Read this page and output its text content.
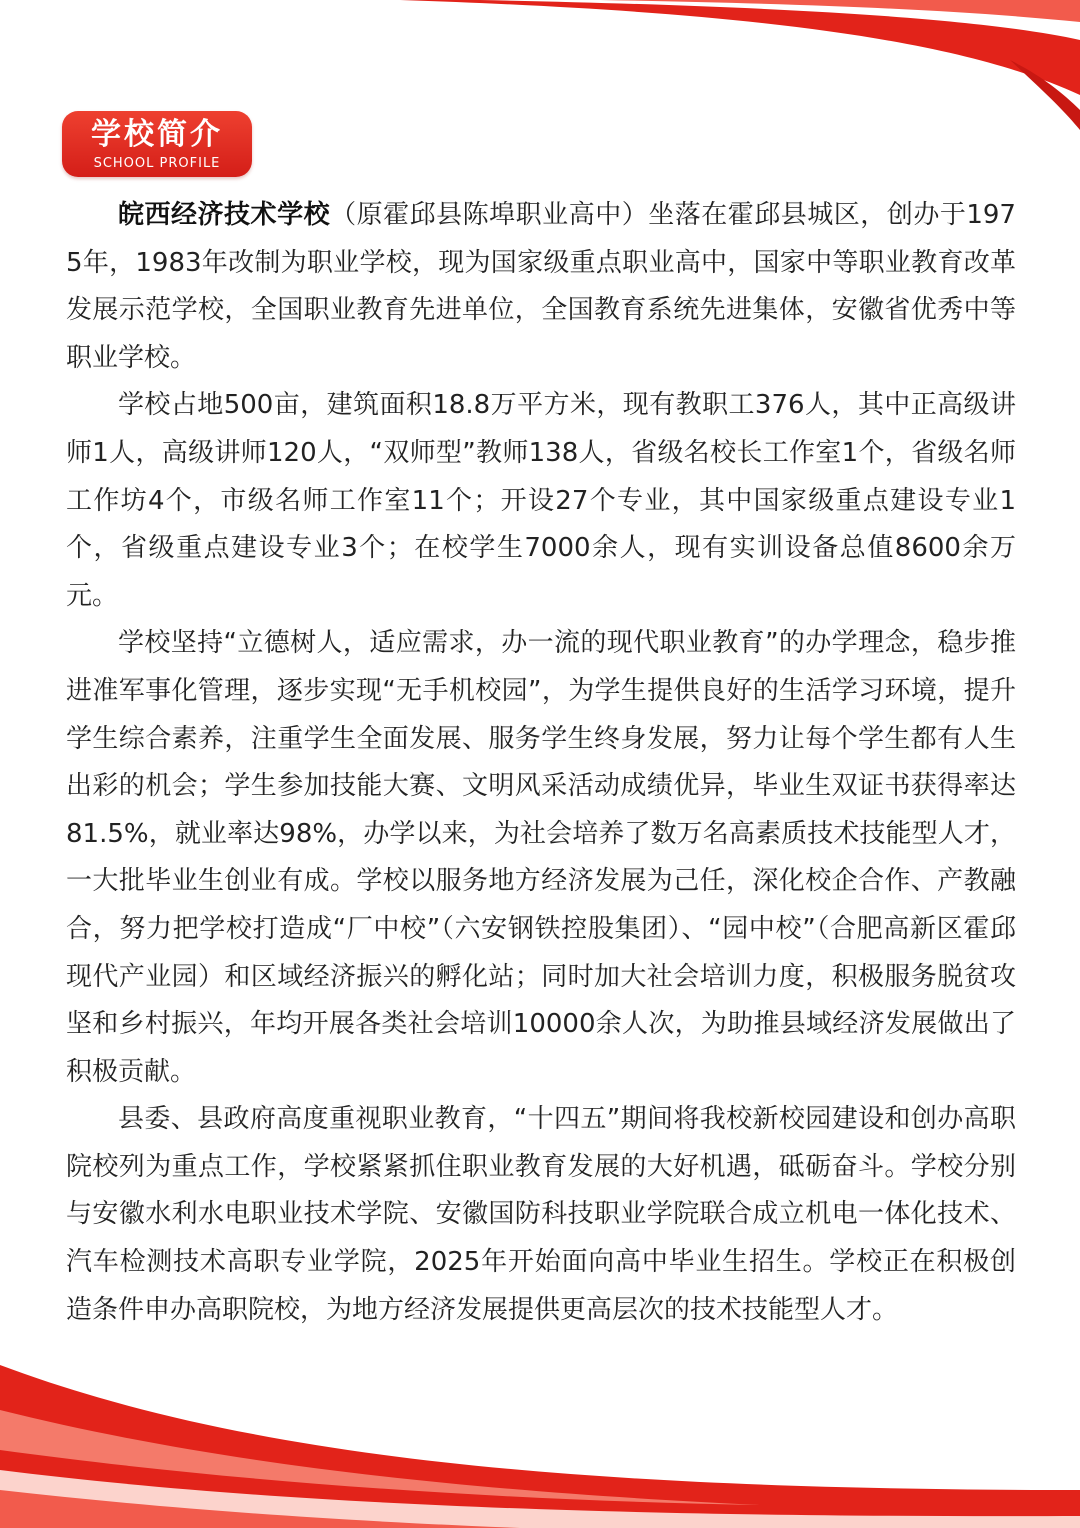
学校简介
SCHOOL PROFILE

皖西经济技术学校（原霍邱县陈埠职业高中）坐落在霍邱县城区，创办于1975年，1983年改制为职业学校，现为国家级重点职业高中，国家中等职业教育改革发展示范学校，全国职业教育先进单位，全国教育系统先进集体，安徽省优秀中等职业学校。

学校占地500亩，建筑面积18.8万平方米，现有教职工376人，其中正高级讲师1人，高级讲师120人，“双师型”教师138人，省级名校长工作室1个，省级名师工作坊4个，市级名师工作室11个；开设27个专业，其中国家级重点建设专业1个，省级重点建设专业3个；在校学生7000余人，现有实训设备总值8600余万元。

学校坚持“立德树人，适应需求，办一流的现代职业教育”的办学理念，稳步推进准军事化管理，逐步实现“无手机校园”，为学生提供良好的生活学习环境，提升学生综合素养，注重学生全面发展、服务学生终身发展，努力让每个学生都有人生出彩的机会；学生参加技能大赛、文明风采活动成绩优异，毕业生双证书获得率达81.5%，就业率达98%，办学以来，为社会培养了数万名高素质技术技能型人才，一大批毕业生创业有成。学校以服务地方经济发展为己任，深化校企合作、产教融合，努力把学校打造成“厂中校”（六安钢铁控股集团）、“园中校”（合肥高新区霍邱现代产业园）和区域经济振兴的孵化站；同时加大社会培训力度，积极服务脱贫攻坚和乡村振兴，年均开展各类社会培训10000余人次，为助推县域经济发展做出了积极贡献。

县委、县政府高度重视职业教育，“十四五”期间将我校新校园建设和创办高职院校列为重点工作，学校紧紧抓住职业教育发展的大好机遇，砥砺奋斗。学校分别与安徽水利水电职业技术学院、安徽国防科技职业学院联合成立机电一体化技术、汽车检测技术高职专业学院，2025年开始面向高中毕业生招生。学校正在积极创造条件申办高职院校，为地方经济发展提供更高层次的技术技能型人才。
